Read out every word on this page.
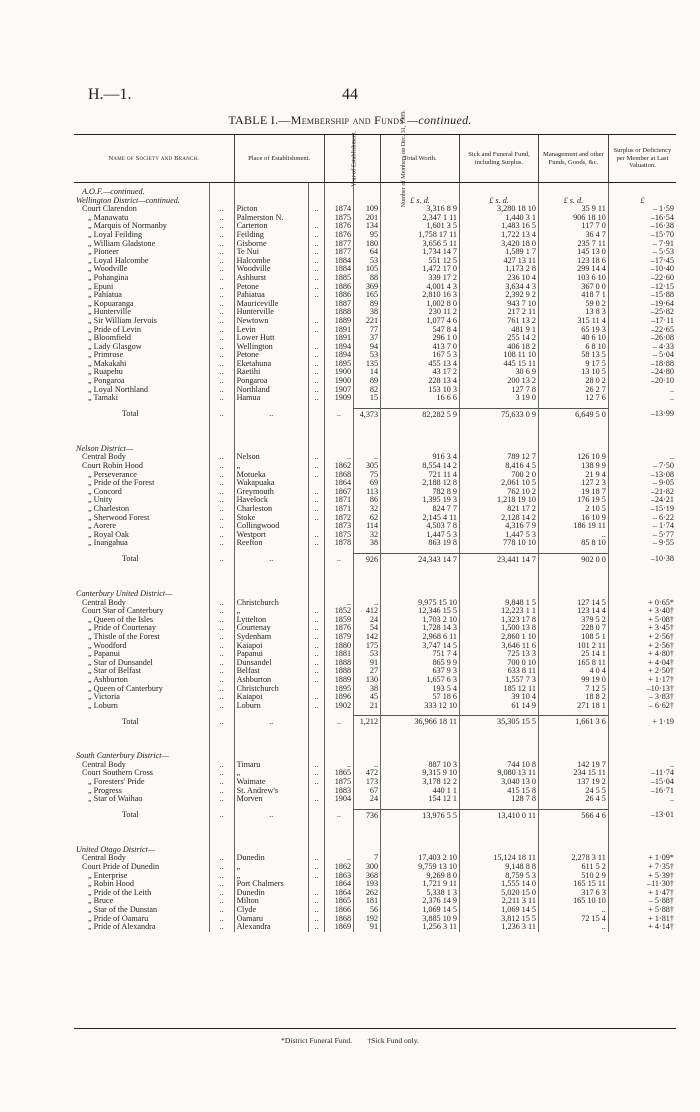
H.—1.	44
TABLE I.—Membership and Funds —continued.
Name of Society and Branch.		Place of Establishment.		Year of Establishment.	Number of Members on Dec. 31, 1909.	Total Worth.	Sick and Funeral Fund, including Surplus.	Management and other Funds, Goods, &c.	Surplus or Deficiency per Member at Last Valuation.

A.O.F.—continued.									
Wellington District—continued.						£ s. d.	£ s. d.	£ s. d.	£
Court Clarendon	..	Picton	..	1874	109	3,316 8 9	3,280 18 10	35 9 11	– 1·59
„ Manawatu	..	Palmerston N.		1875	201	2,347 1 11	1,440 3 1	906 18 10	–16·54
„ Marquis of Normanby	..	Carterton	..	1876	134	1,601 3 5	1,483 16 5	117 7 0	–16·38
„ Loyal Feilding	..	Feilding	..	1876	95	1,758 17 11	1,722 13 4	36 4 7	–15·70
„ William Gladstone	..	Gisborne	..	1877	180	3,656 5 11	3,420 18 0	235 7 11	– 7·91
„ Pioneer	..	Te Nui	..	1877	64	1,734 14 7	1,589 1 7	145 13 0	– 5·53
„ Loyal Halcombe	..	Halcombe	..	1884	53	551 12 5	427 13 11	123 18 6	–17·45
„ Woodville	..	Woodville	..	1884	105	1,472 17 0	1,173 2 8	299 14 4	–10·40
„ Pohangina	..	Ashhurst	..	1885	88	339 17 2	236 10 4	103 6 10	–22·60
„ Epuni	..	Petone	..	1886	369	4,001 4 3	3,634 4 3	367 0 0	–12·15
„ Pahiatua	..	Pahiatua	..	1886	165	2,810 16 3	2,392 9 2	418 7 1	–15·88
„ Kopuaranga	..	Mauriceville		1887	89	1,002 8 0	943 7 10	59 0 2	–19·64
„ Hunterville	..	Hunterville		1888	38	230 11 2	217 2 11	13 8 3	–25·82
„ Sir William Jervois	..	Newtown	..	1889	221	1,077 4 6	761 13 2	315 11 4	–17·11
„ Pride of Levin	..	Levin	..	1891	77	547 8 4	481 9 1	65 19 3	–22·65
„ Bloomfield	..	Lower Hutt		1891	37	296 1 0	255 14 2	40 6 10	–26·08
„ Lady Glasgow	..	Wellington	..	1894	94	413 7 0	406 18 2	6 8 10	– 4·33
„ Primrose	..	Petone	..	1894	53	167 5 3	108 11 10	58 13 5	– 5·04
„ Makakahi	..	Eketahuna	..	1895	135	455 13 4	445 15 11	9 17 5	–18·88
„ Ruapehu	..	Raetihi	..	1900	14	43 17 2	30 6 9	13 10 5	–24·80
„ Pongaroa	..	Pongaroa	..	1900	89	228 13 4	200 13 2	28 0 2	–20·10
„ Loyal Northland	..	Northland	..	1907	82	153 10 3	127 7 8	26 2 7	..
„ Tamaki	..	Hamua	..	1909	15	16 6 6	3 19 0	12 7 6	..

Total	..	..		..	4,373	82,282 5 9	75,633 0 9	6,649 5 0	–13·99

Nelson District—									
Central Body	..	Nelson	..	..	..	916 3 4	789 12 7	126 10 9	..
Court Robin Hood	..	„	..	1862	305	8,554 14 2	8,416 4 5	138 9 9	– 7·50
„ Perseverance	..	Motueka	..	1868	75	721 11 4	700 2 0	21 9 4	–13·08
„ Pride of the Forest	..	Wakapuaka		1864	69	2,188 12 8	2,061 10 5	127 2 3	– 9·05
„ Concord	..	Greymouth	..	1867	113	782 8 9	762 10 2	19 18 7	–21·82
„ Unity	..	Havelock	..	1871	86	1,395 19 3	1,218 19 10	176 19 5	–24·21
„ Charleston	..	Charleston	..	1871	32	824 7 7	821 17 2	2 10 5	–15·19
„ Sherwood Forest	..	Stoke	..	1872	62	2,145 4 11	2,128 14 2	16 10 9	– 6·22
„ Aorere	..	Collingwood		1873	114	4,503 7 8	4,316 7 9	186 19 11	– 1·74
„ Royal Oak	..	Westport	..	1875	32	1,447 5 3	1,447 5 3	..	– 5·77
„ Inangahua	..	Reefton	..	1878	38	863 19 8	778 10 10	85 8 10	– 9·55

Total	..	..		..	926	24,343 14 7	23,441 14 7	902 0 0	–10·38

Canterbury United District—									
Central Body	..	Christchurch		..	..	9,975 15 10	9,848 1 5	127 14 5	+ 0·65*
Court Star of Canterbury	..	„	..	1852	412	12,346 15 5	12,223 1 1	123 14 4	+ 3·40†
„ Queen of the Isles	..	Lyttelton	..	1859	24	1,703 2 10	1,323 17 8	379 5 2	+ 5·08†
„ Pride of Courtenay	..	Courtenay	..	1876	54	1,728 14 3	1,500 13 8	228 0 7	+ 3·45†
„ Thistle of the Forest	..	Sydenham	..	1879	142	2,968 6 11	2,860 1 10	108 5 1	+ 2·56†
„ Woodford	..	Kaiapoi	..	1880	175	3,747 14 5	3,646 11 6	101 2 11	+ 2·56†
„ Papanui	..	Papanui	..	1881	53	751 7 4	725 13 3	25 14 1	+ 4·80†
„ Star of Dunsandel	..	Dunsandel	..	1888	91	865 9 9	700 0 10	165 8 11	+ 4·04†
„ Star of Belfast	..	Belfast	..	1888	27	637 9 3	633 8 11	4 0 4	+ 2·50†
„ Ashburton	..	Ashburton	..	1889	130	1,657 6 3	1,557 7 3	99 19 0	+ 1·17†
„ Queen of Canterbury	..	Christchurch		1895	38	193 5 4	185 12 11	7 12 5	–10·13†
„ Victoria	..	Kaiapoi	..	1896	45	57 18 6	39 10 4	18 8 2	– 3·83†
„ Loburn	..	Loburn	..	1902	21	333 12 10	61 14 9	271 18 1	– 6·62†

Total	..	..		..	1,212	36,966 18 11	35,305 15 5	1,661 3 6	+ 1·19

South Canterbury District—									
Central Body	..	Timaru	..	..	..	887 10 3	744 10 8	142 19 7	..
Court Southern Cross	..	„	..	1865	472	9,315 9 10	9,080 13 11	234 15 11	–11·74
„ Foresters' Pride	..	Waimate	..	1875	173	3,178 12 2	3,040 13 0	137 19 2	–15·04
„ Progress	..	St. Andrew's		1883	67	440 1 1	415 15 8	24 5 5	–16·71
„ Star of Waihao	..	Morven	..	1904	24	154 12 1	128 7 8	26 4 5	..

Total	..	..		..	736	13,976 5 5	13,410 0 11	566 4 6	–13·01

United Otago District—									
Central Body	..	Dunedin	..	..	7	17,403 2 10	15,124 18 11	2,278 3 11	+ 1·09*
Court Pride of Dunedin	..	„	..	1862	300	9,759 13 10	9,148 8 8	611 5 2	+ 7·35†
„ Enterprise	..	„	..	1863	368	9,269 8 0	8,759 5 3	510 2 9	+ 5·39†
„ Robin Hood	..	Port Chalmers		1864	193	1,721 9 11	1,555 14 0	165 15 11	–11·30†
„ Pride of the Leith	..	Dunedin	..	1864	262	5,338 1 3	5,020 15 0	317 6 3	+ 1·47†
„ Bruce	..	Milton	..	1865	181	2,376 14 9	2,211 3 11	165 10 10	– 5·88†
„ Star of the Dunstan	..	Clyde	..	1866	56	1,069 14 5	1,069 14 5	..	+ 5·88†
„ Pride of Oamaru	..	Oamaru	..	1868	192	3,885 10 9	3,812 15 5	72 15 4	+ 1·81†
„ Pride of Alexandra	..	Alexandra	..	1869	91	1,256 3 11	1,236 3 11	..	+ 4·14†
*District Funeral Fund. †Sick Fund only.
